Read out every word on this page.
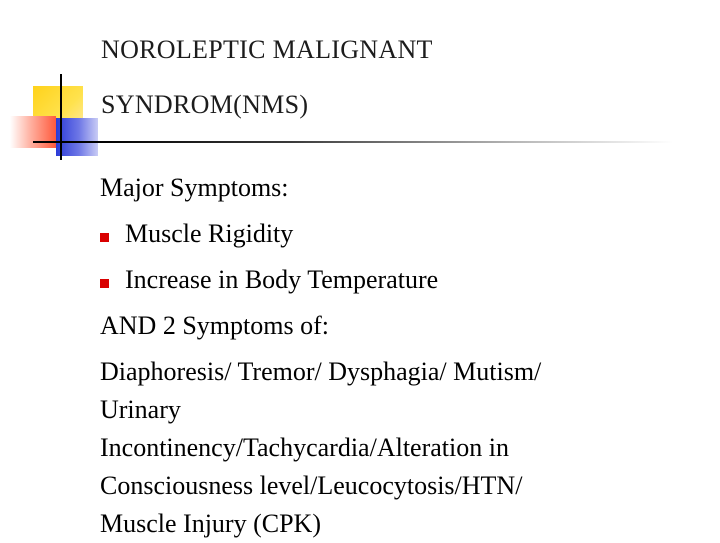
NOROLEPTIC MALIGNANT
SYNDROM(NMS)
Major Symptoms:
Muscle Rigidity
Increase in Body Temperature
AND 2 Symptoms of:
Diaphoresis/ Tremor/ Dysphagia/ Mutism/
Urinary
Incontinency/Tachycardia/Alteration in
Consciousness level/Leucocytosis/HTN/
Muscle Injury (CPK)
